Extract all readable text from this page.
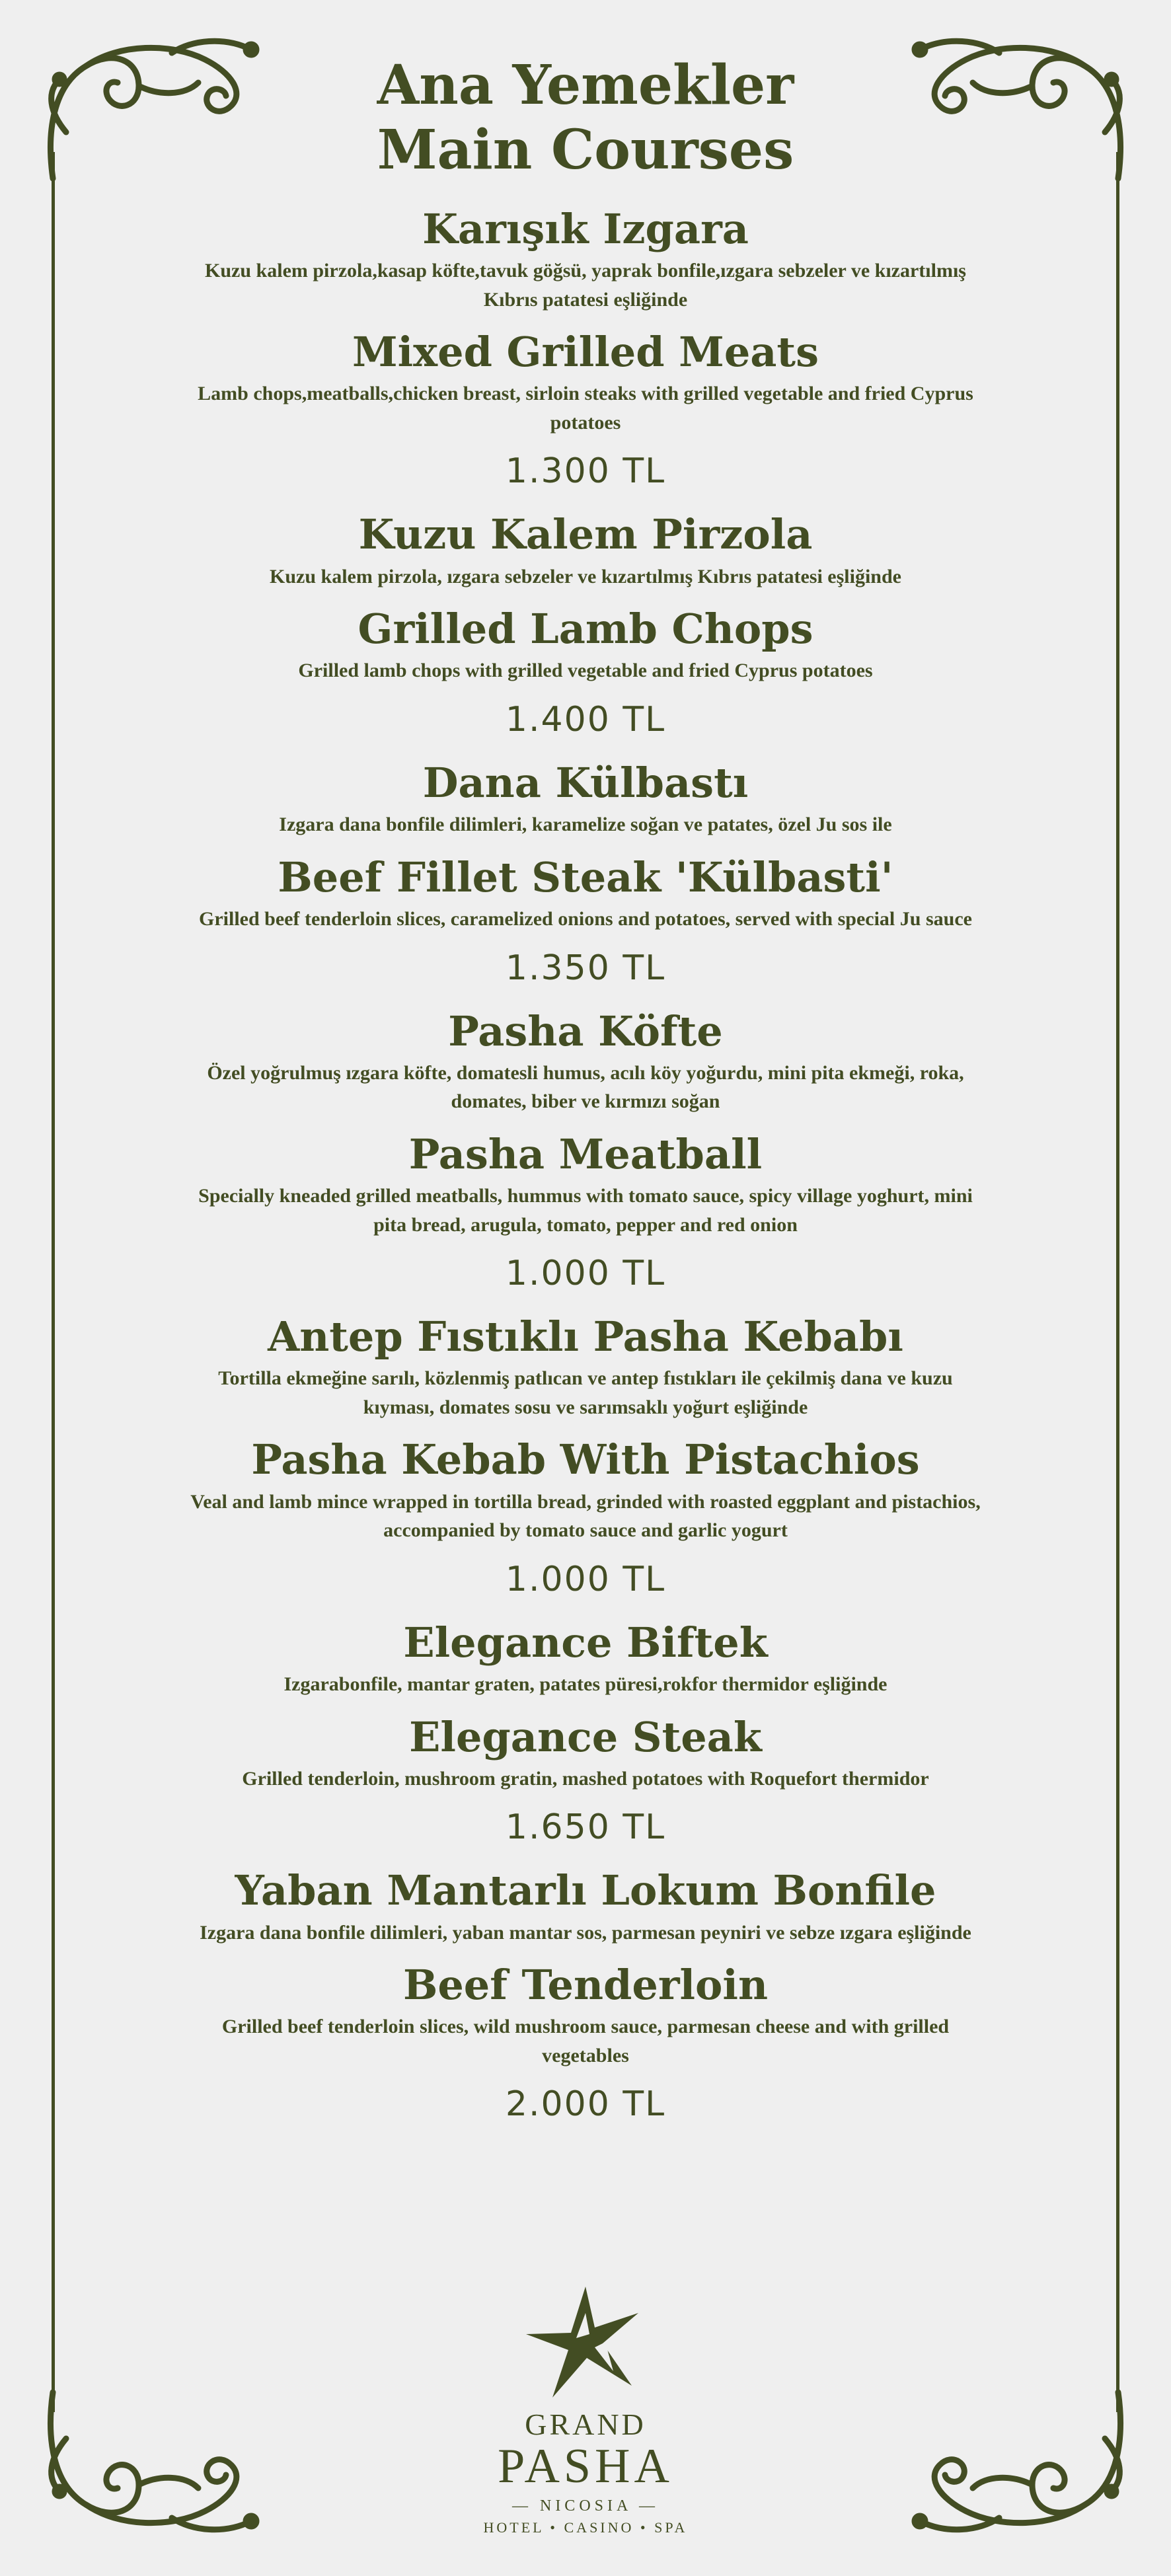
Ana Yemekler
Main Courses
Karışık Izgara
Kuzu kalem pirzola,kasap köfte,tavuk göğsü, yaprak bonfile,ızgara sebzeler ve kızartılmış Kıbrıs patatesi eşliğinde
Mixed Grilled Meats
Lamb chops,meatballs,chicken breast, sirloin steaks with grilled vegetable and fried Cyprus potatoes
1.300 TL
Kuzu Kalem Pirzola
Kuzu kalem pirzola, ızgara sebzeler ve kızartılmış Kıbrıs patatesi eşliğinde
Grilled Lamb Chops
Grilled lamb chops with grilled vegetable and fried Cyprus potatoes
1.400 TL
Dana Külbastı
Izgara dana bonfile dilimleri, karamelize soğan ve patates, özel Ju sos ile
Beef Fillet Steak 'Külbasti'
Grilled beef tenderloin slices, caramelized onions and potatoes, served with special Ju sauce
1.350 TL
Pasha Köfte
Özel yoğrulmuş ızgara köfte, domatesli humus, acılı köy yoğurdu, mini pita ekmeği, roka, domates, biber ve kırmızı soğan
Pasha Meatball
Specially kneaded grilled meatballs, hummus with tomato sauce, spicy village yoghurt, mini pita bread, arugula, tomato, pepper and red onion
1.000 TL
Antep Fıstıklı Pasha Kebabı
Tortilla ekmeğine sarılı, közlenmiş patlıcan ve antep fıstıkları ile çekilmiş dana ve kuzu kıyması, domates sosu ve sarımsaklı yoğurt eşliğinde
Pasha Kebab With Pistachios
Veal and lamb mince wrapped in tortilla bread, grinded with roasted eggplant and pistachios, accompanied by tomato sauce and garlic yogurt
1.000 TL
Elegance Biftek
Izgarabonfile, mantar graten, patates püresi,rokfor thermidor eşliğinde
Elegance Steak
Grilled tenderloin, mushroom gratin, mashed potatoes with Roquefort thermidor
1.650 TL
Yaban Mantarlı Lokum Bonfile
Izgara dana bonfile dilimleri, yaban mantar sos, parmesan peyniri ve sebze ızgara eşliğinde
Beef Tenderloin
Grilled beef tenderloin slices, wild mushroom sauce, parmesan cheese and with grilled vegetables
2.000 TL
GRAND
PASHA
— NICOSIA —
HOTEL • CASINO • SPA
